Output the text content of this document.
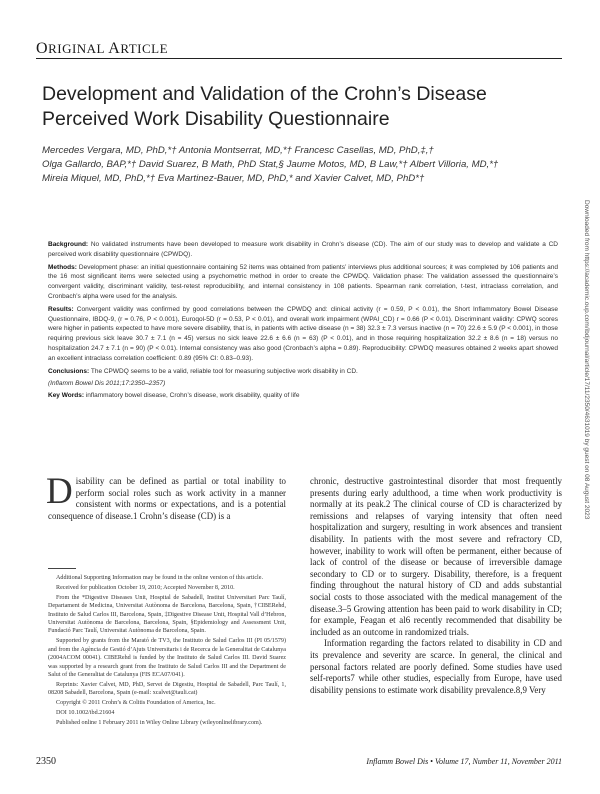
ORIGINAL ARTICLE
Development and Validation of the Crohn’s Disease
Perceived Work Disability Questionnaire
Mercedes Vergara, MD, PhD,*† Antonia Montserrat, MD,*† Francesc Casellas, MD, PhD,‡,†
Olga Gallardo, BAP,*† David Suarez, B Math, PhD Stat,§ Jaume Motos, MD, B Law,*† Albert Villoria, MD,*†
Mireia Miquel, MD, PhD,*† Eva Martinez-Bauer, MD, PhD,* and Xavier Calvet, MD, PhD*†

Background: No validated instruments have been developed to measure work disability in Crohn’s disease (CD). The aim of our study was to develop and validate a CD perceived work disability questionnaire (CPWDQ).

Methods: Development phase: an initial questionnaire containing 52 items was obtained from patients’ interviews plus additional sources; it was completed by 106 patients and the 16 most significant items were selected using a psychometric method in order to create the CPWDQ. Validation phase: The validation assessed the questionnaire’s convergent validity, discriminant validity, test-retest reproducibility, and internal consistency in 108 patients. Spearman rank correlation, t-test, intraclass correlation, and Cronbach’s alpha were used for the analysis.

Results: Convergent validity was confirmed by good correlations between the CPWDQ and: clinical activity (r = 0.59, P < 0.01), the Short Inflammatory Bowel Disease Questionnaire, IBDQ-9, (r = 0.76, P < 0.001), Euroqol-5D (r = 0.53, P < 0.01), and overall work impairment (WPAI_CD) r = 0.66 (P < 0.01). Discriminant validity: CPWQ scores were higher in patients expected to have more severe disability, that is, in patients with active disease (n = 38) 32.3 ± 7.3 versus inactive (n = 70) 22.6 ± 5.9 (P < 0.001), in those requiring previous sick leave 30.7 ± 7.1 (n = 45) versus no sick leave 22.6 ± 6.6 (n = 63) (P < 0.01), and in those requiring hospitalization 32.2 ± 8.6 (n = 18) versus no hospitalization 24.7 ± 7.1 (n = 90) (P < 0.01). Internal consistency was also good (Cronbach’s alpha = 0.89). Reproducibility: CPWDQ measures obtained 2 weeks apart showed an excellent intraclass correlation coefficient: 0.89 (95% CI: 0.83–0.93).

Conclusions: The CPWDQ seems to be a valid, reliable tool for measuring subjective work disability in CD.

(Inflamm Bowel Dis 2011;17:2350–2357)

Key Words: inflammatory bowel disease, Crohn’s disease, work disability, quality of life

Disability can be defined as partial or total inability to perform social roles such as work activity in a manner consistent with norms or expectations, and is a potential consequence of disease.1 Crohn’s disease (CD) is a

Additional Supporting Information may be found in the online version of this article.

Received for publication October 19, 2010; Accepted November 8, 2010.

From the *Digestive Diseases Unit, Hospital de Sabadell, Institut Universitari Parc Taulí, Departament de Medicina, Universitat Autònoma de Barcelona, Barcelona, Spain, †CIBERehd, Instituto de Salud Carlos III, Barcelona, Spain, ‡Digestive Disease Unit, Hospital Vall d’Hebron, Universitat Autònoma de Barcelona, Barcelona, Spain, §Epidemiology and Assessment Unit, Fundació Parc Taulí, Universitat Autònoma de Barcelona, Spain.

Supported by grants from the Marató de TV3, the Instituto de Salud Carlos III (PI 05/1579) and from the Agència de Gestió d’Ajuts Universitaris i de Recerca de la Generalitat de Catalunya (2004ACOM 00041). CIBERehd is funded by the Instituto de Salud Carlos III. David Suarez was supported by a research grant from the Instituto de Salud Carlos III and the Department de Salut of the Generalitat de Catalunya (FIS ECA07/041).

Reprints: Xavier Calvet, MD, PhD, Servei de Digestiu, Hospital de Sabadell, Parc Taulí, 1, 08208 Sabadell, Barcelona, Spain (e-mail: xcalvet@tauli.cat)

Copyright © 2011 Crohn’s & Colitis Foundation of America, Inc.

DOI 10.1002/ibd.21604

Published online 1 February 2011 in Wiley Online Library (wileyonlinelibrary.com).

chronic, destructive gastrointestinal disorder that most frequently presents during early adulthood, a time when work productivity is normally at its peak.2 The clinical course of CD is characterized by remissions and relapses of varying intensity that often need hospitalization and surgery, resulting in work absences and transient disability. In patients with the most severe and refractory CD, however, inability to work will often be permanent, either because of lack of control of the disease or because of irreversible damage secondary to CD or to surgery. Disability, therefore, is a frequent finding throughout the natural history of CD and adds substantial social costs to those associated with the medical management of the disease.3–5 Growing attention has been paid to work disability in CD; for example, Feagan et al6 recently recommended that disability be included as an outcome in randomized trials.

Information regarding the factors related to disability in CD and its prevalence and severity are scarce. In general, the clinical and personal factors related are poorly defined. Some studies have used self-reports7 while other studies, especially from Europe, have used disability pensions to estimate work disability prevalence.8,9 Very

2350	Inflamm Bowel Dis • Volume 17, Number 11, November 2011
Downloaded from https://academic.oup.com/ibdjournal/article/17/11/2350/4631019 by guest on 08 August 2023
